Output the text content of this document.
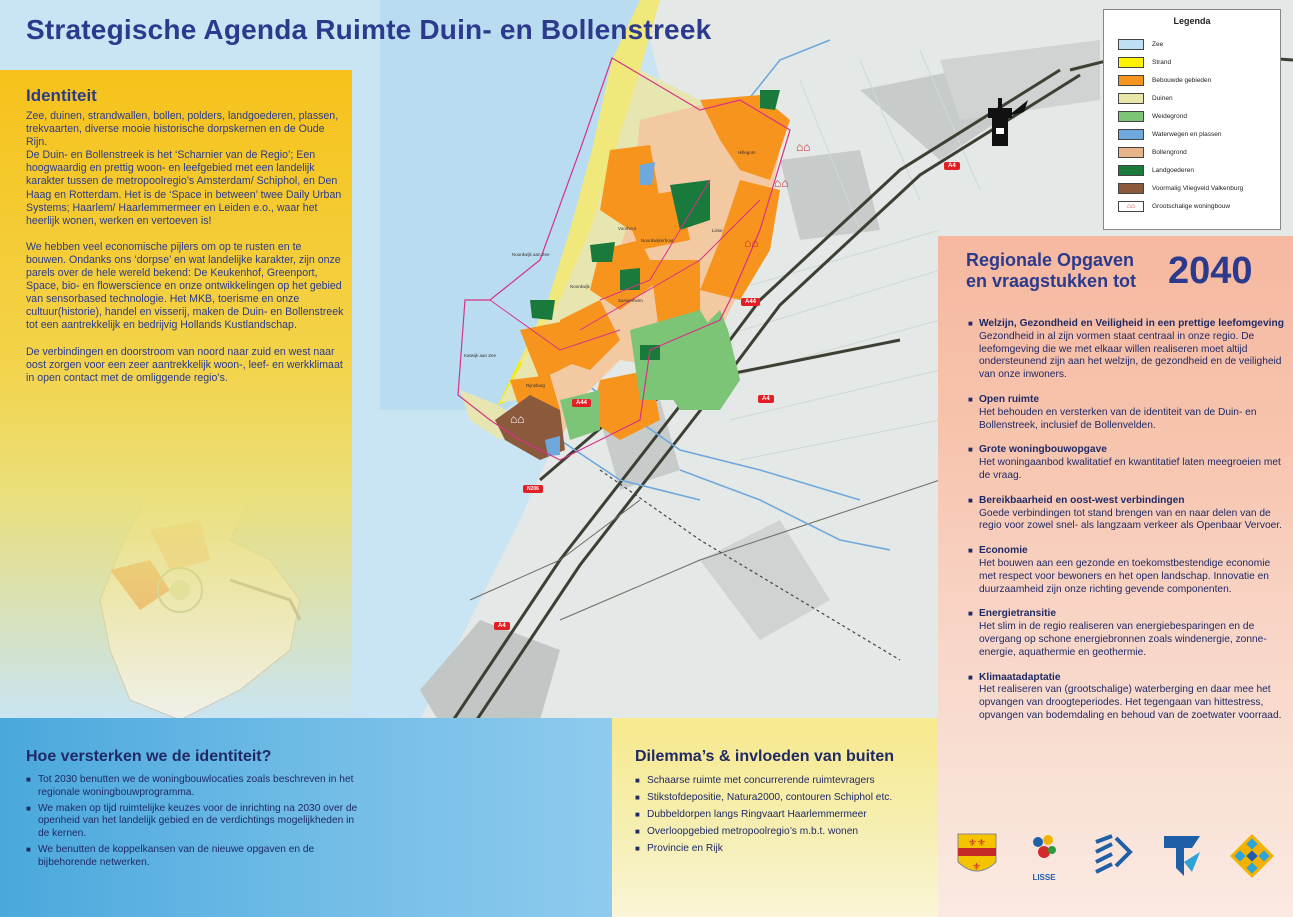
A4
A44
A44
A4
A4
N206
Noordwijk aan Zee
Katwijk aan Zee
Rijnsburg
Sassenheim
Lisse
Hillegom
Voorhout
Noordwijkerhout
Noordwijk
⌂⌂
⌂⌂
⌂⌂
⌂⌂
Strategische Agenda Ruimte Duin- en Bollenstreek
Identiteit

Zee, duinen, strandwallen, bollen, polders, landgoederen, plassen, trekvaarten, diverse mooie historische dorpskernen en de Oude Rijn.
De Duin- en Bollenstreek is het ‘Scharnier van de Regio’; Een hoogwaardig en prettig woon- en leefgebied met een landelijk karakter tussen de metropoolregio’s Amsterdam/ Schiphol, en Den Haag en Rotterdam. Het is de ‘Space in between’ twee Daily Urban Systems; Haarlem/ Haarlemmermeer en Leiden e.o., waar het heerlijk wonen, werken en vertoeven is!

We hebben veel economische pijlers om op te rusten en te bouwen. Ondanks ons ‘dorpse’ en wat landelijke karakter, zijn onze parels over de hele wereld bekend: De Keukenhof, Greenport, Space, bio- en flowerscience en onze ontwikkelingen op het gebied van sensorbased technologie. Het MKB, toerisme en onze cultuur(historie), handel en visserij, maken de Duin- en Bollenstreek tot een aantrekkelijk en bedrijvig Hollands Kustlandschap.

De verbindingen en doorstroom van noord naar zuid en west naar oost zorgen voor een zeer aantrekkelijk woon-, leef- en werkklimaat in open contact met de omliggende regio’s.

Hoe versterken we de identiteit?
■ Tot 2030 benutten we de woningbouwlocaties zoals beschreven in het regionale woningbouwprogramma.
■ We maken op tijd ruimtelijke keuzes voor de inrichting na 2030 over de openheid van het landelijk gebied en de verdichtings mogelijkheden in de kernen.
■ We benutten de koppelkansen van de nieuwe opgaven en de bijbehorende netwerken.
Dilemma’s & invloeden van buiten
■ Schaarse ruimte met concurrerende ruimtevragers
■ Stikstofdepositie, Natura2000, contouren Schiphol etc.
■ Dubbeldorpen langs Ringvaart Haarlemmermeer
■ Overloopgebied metropoolregio’s m.b.t. wonen
■ Provincie en Rijk
Regionale Opgaven
en vraagstukken tot 2040
■ Welzijn, Gezondheid en Veiligheid in een prettige leefomgeving
Gezondheid in al zijn vormen staat centraal in onze regio. De leefomgeving die we met elkaar willen realiseren moet altijd ondersteunend zijn aan het welzijn, de gezondheid en de veiligheid van onze inwoners.
■ Open ruimte
Het behouden en versterken van de identiteit van de Duin- en Bollenstreek, inclusief de Bollenvelden.
■ Grote woningbouwopgave
Het woningaanbod kwalitatief en kwantitatief laten meegroeien met de vraag.
■ Bereikbaarheid en oost-west verbindingen
Goede verbindingen tot stand brengen van en naar delen van de regio voor zowel snel- als langzaam verkeer als Openbaar Vervoer.
■ Economie
Het bouwen aan een gezonde en toekomstbestendige economie met respect voor bewoners en het open landschap. Innovatie en duurzaamheid zijn onze richting gevende componenten.
■ Energietransitie
Het slim in de regio realiseren van energiebesparingen en de overgang op schone energiebronnen zoals windenergie, zonne-energie, aquathermie en geothermie.
■ Klimaatadaptatie
Het realiseren van (grootschalige) waterberging en daar mee het opvangen van droogteperiodes. Het tegengaan van hittestress, opvangen van bodemdaling en behoud van de zoetwater voorraad.
Legenda
Zee
Strand
Bebouwde gebieden
Duinen
Weidegrond
Waterwegen en plassen
Bollengrond
Landgoederen
Voormalig Vliegveld Valkenburg
⌂⌂	Grootschalige woningbouw
⚜⚜
⚜
LISSE
